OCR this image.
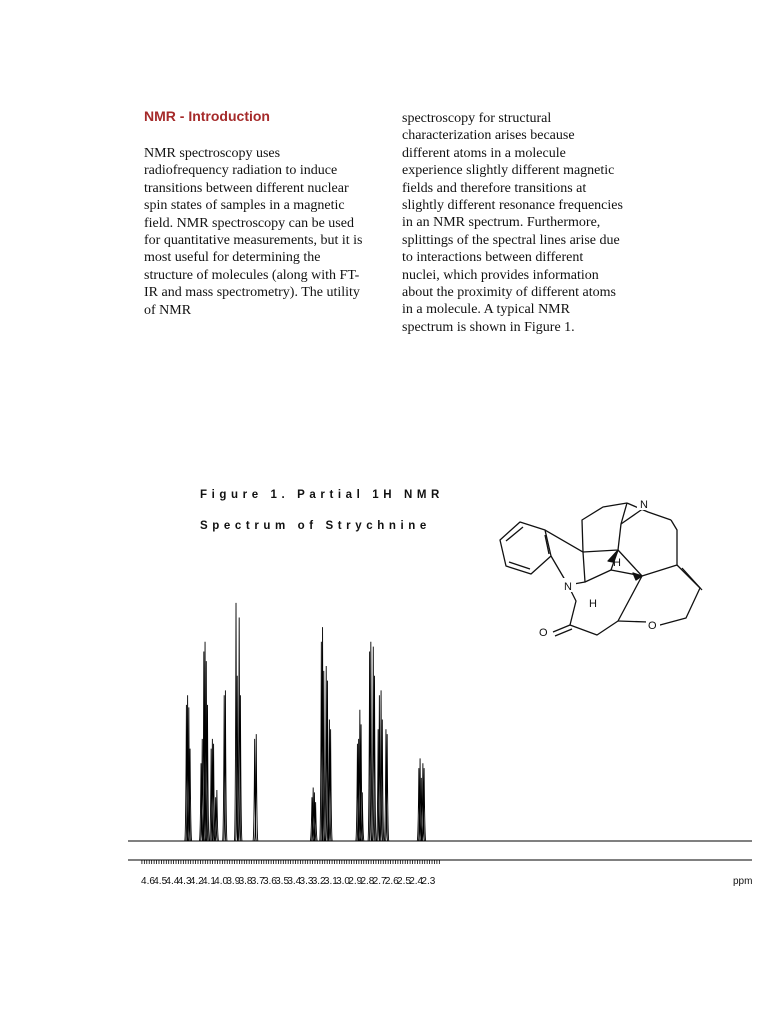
NMR - Introduction
NMR spectroscopy uses radiofrequency radiation to induce transitions between different nuclear spin states of samples in a magnetic field. NMR spectroscopy can be used for quantitative measurements, but it is most useful for determining the structure of molecules (along with FT-IR and mass spectrometry). The utility of NMR
spectroscopy for structural characterization arises because different atoms in a molecule experience slightly different magnetic fields and therefore transitions at slightly different resonance frequencies in an NMR spectrum. Furthermore, splittings of the spectral lines arise due to interactions between different nuclei, which provides information about the proximity of different atoms in a molecule. A typical NMR spectrum is shown in Figure 1.
Figure 1. Partial 1H NMR
Spectrum of Strychnine
4.6
4.5
4.4
4.3
4.2
4.1
4.0
3.9
3.8
3.7
3.6
3.5
3.4
3.3
3.2
3.1
3.0
2.9
2.8
2.7
2.6
2.5
2.4
2.3	ppm
N
N
H
H
O
O
